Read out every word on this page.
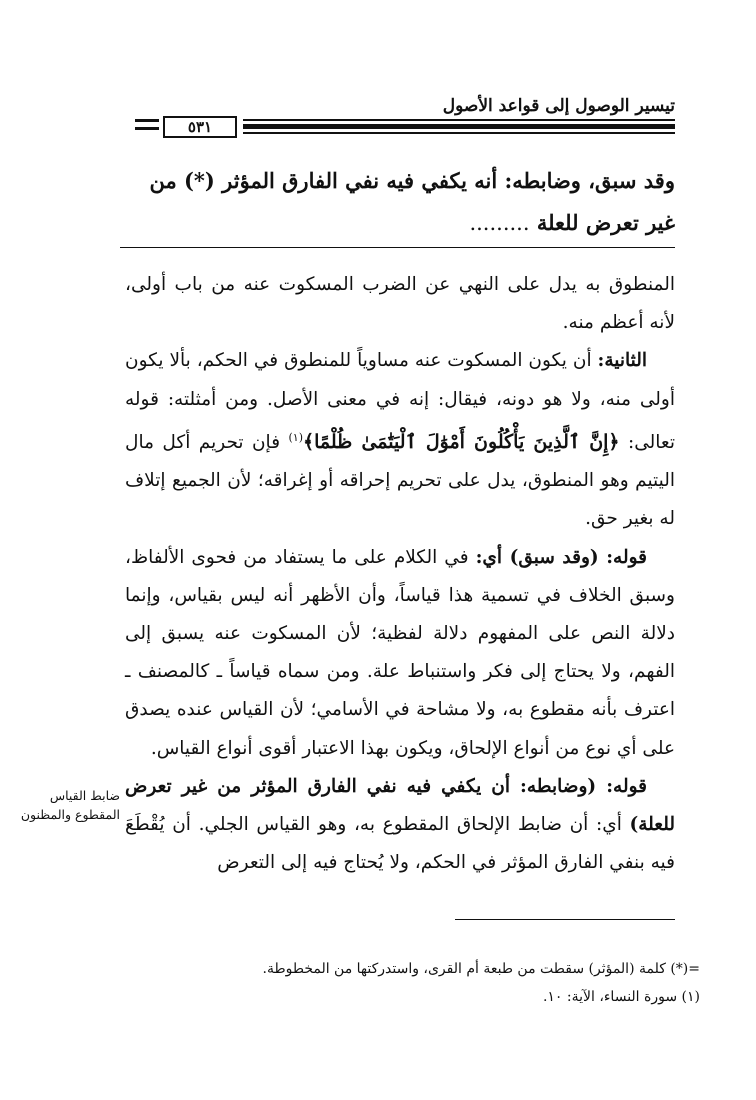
تيسير الوصول إلى قواعد الأصول
٥٣١

وقد سبق، وضابطه: أنه يكفي فيه نفي الفارق المؤثر (*) من

غير تعرض للعلة .........

المنطوق به يدل على النهي عن الضرب المسكوت عنه من باب أولى، لأنه أعظم منه.

الثانية: أن يكون المسكوت عنه مساوياً للمنطوق في الحكم، بألا يكون أولى منه، ولا هو دونه، فيقال: إنه في معنى الأصل. ومن أمثلته: قوله تعالى: ﴿إِنَّ ٱلَّذِينَ يَأْكُلُونَ أَمْوَٰلَ ٱلْيَتَٰمَىٰ ظُلْمًا﴾$^{(١)}$ فإن تحريم أكل مال اليتيم وهو المنطوق، يدل على تحريم إحراقه أو إغراقه؛ لأن الجميع إتلاف له بغير حق.

قوله: (وقد سبق) أي: في الكلام على ما يستفاد من فحوى الألفاظ، وسبق الخلاف في تسمية هذا قياساً، وأن الأظهر أنه ليس بقياس، وإنما دلالة النص على المفهوم دلالة لفظية؛ لأن المسكوت عنه يسبق إلى الفهم، ولا يحتاج إلى فكر واستنباط علة. ومن سماه قياساً ـ كالمصنف ـ اعترف بأنه مقطوع به، ولا مشاحة في الأسامي؛ لأن القياس عنده يصدق على أي نوع من أنواع الإلحاق، ويكون بهذا الاعتبار أقوى أنواع القياس.

قوله: (وضابطه: أن يكفي فيه نفي الفارق المؤثر من غير تعرض للعلة) أي: أن ضابط الإلحاق المقطوع به، وهو القياس الجلي. أن يُقْطَعَ فيه بنفي الفارق المؤثر في الحكم، ولا يُحتاج فيه إلى التعرض

ضابط القياس
المقطوع والمظنون

=(*) كلمة (المؤثر) سقطت من طبعة أم القرى، واستدركتها من المخطوطة.

(١) سورة النساء، الآية: ١٠.
